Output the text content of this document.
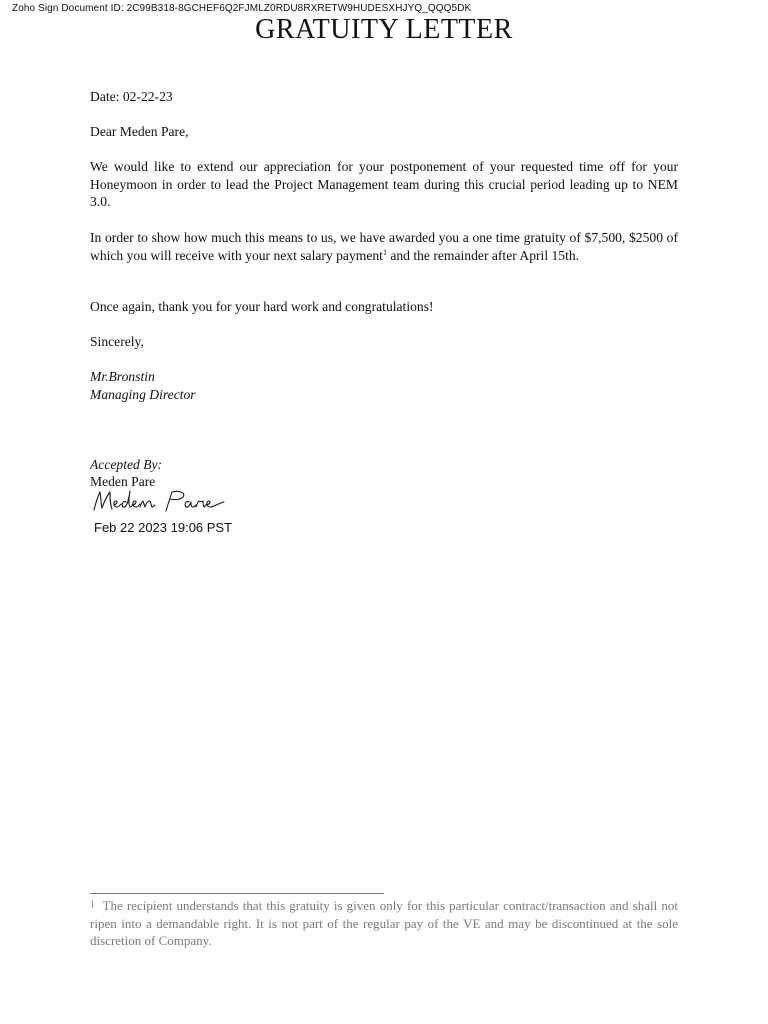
Zoho Sign Document ID: 2C99B318-8GCHEF6Q2FJMLZ0RDU8RXRETW9HUDESXHJYQ_QQQ5DK
GRATUITY LETTER
Date: 02-22-23
Dear Meden Pare,
We would like to extend our appreciation for your postponement of your requested time off for your Honeymoon in order to lead the Project Management team during this crucial period leading up to NEM 3.0.
In order to show how much this means to us, we have awarded you a one time gratuity of $7,500, $2500 of which you will receive with your next salary payment$^1$ and the remainder after April 15th.
Once again, thank you for your hard work and congratulations!
Sincerely,
Mr.Bronstin
Managing Director
Accepted By:
Meden Pare
Feb 22 2023 19:06 PST
$^1$ The recipient understands that this gratuity is given only for this particular contract/transaction and shall not ripen into a demandable right. It is not part of the regular pay of the VE and may be discontinued at the sole discretion of Company.
